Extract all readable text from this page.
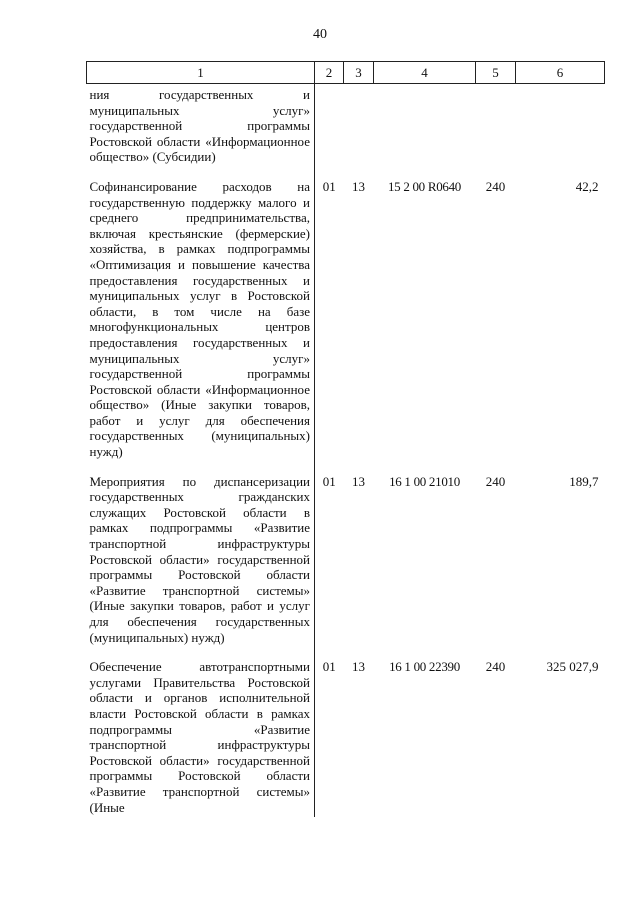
40
1	2	3	4	5	6
ния государственных и муниципальных услуг» государственной программы Ростовской области «Информационное общество» (Субсидии)					
Софинансирование расходов на государственную поддержку малого и среднего предпринимательства, включая крестьянские (фермерские) хозяйства, в рамках подпрограммы «Оптимизация и повышение качества предоставления государственных и муниципальных услуг в Ростовской области, в том числе на базе многофункциональных центров предоставления государственных и муниципальных услуг» государственной программы Ростовской области «Информационное общество» (Иные закупки товаров, работ и услуг для обеспечения государственных (муниципальных) нужд)	01	13	15 2 00 R0640	240	42,2
Мероприятия по диспансеризации государственных гражданских служащих Ростовской области в рамках подпрограммы «Развитие транспортной инфраструктуры Ростовской области» государственной программы Ростовской области «Развитие транспортной системы» (Иные закупки товаров, работ и услуг для обеспечения государственных (муниципальных) нужд)	01	13	16 1 00 21010	240	189,7
Обеспечение автотранспортными услугами Правительства Ростовской области и органов исполнительной власти Ростовской области в рамках подпрограммы «Развитие транспортной инфраструктуры Ростовской области» государственной программы Ростовской области «Развитие транспортной системы» (Иные	01	13	16 1 00 22390	240	325 027,9
